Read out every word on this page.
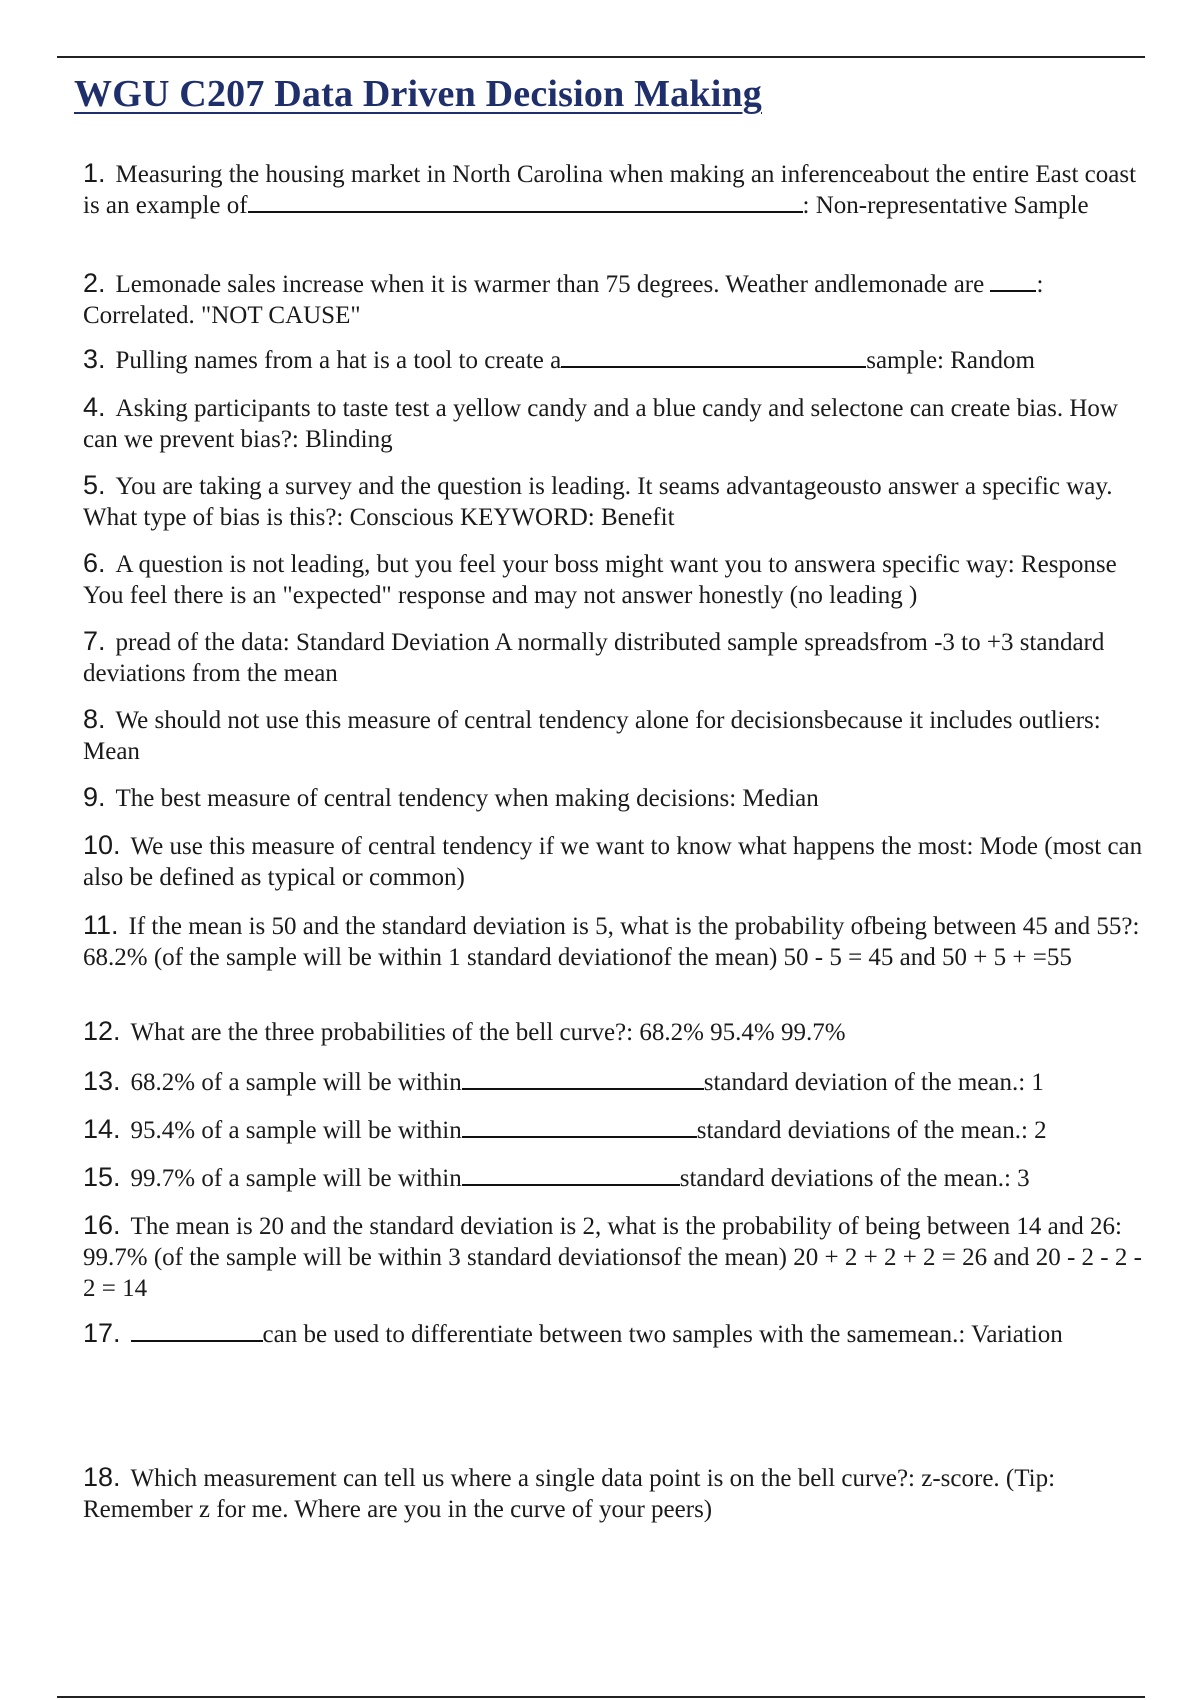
WGU C207 Data Driven Decision Making

1. Measuring the housing market in North Carolina when making an inferenceabout the entire East coast is an example of	: Non-representative Sample

2. Lemonade sales increase when it is warmer than 75 degrees. Weather andlemonade are : Correlated. "NOT CAUSE"

3. Pulling names from a hat is a tool to create a	sample: Random

4. Asking participants to taste test a yellow candy and a blue candy and selectone can create bias. How can we prevent bias?: Blinding

5. You are taking a survey and the question is leading. It seams advantageousto answer a specific way. What type of bias is this?: Conscious KEYWORD: Benefit

6. A question is not leading, but you feel your boss might want you to answera specific way: Response You feel there is an "expected" response and may not answer honestly (no leading )

7. pread of the data: Standard Deviation A normally distributed sample spreadsfrom -3 to +3 standard deviations from the mean

8. We should not use this measure of central tendency alone for decisionsbecause it includes outliers: Mean

9. The best measure of central tendency when making decisions: Median

10. We use this measure of central tendency if we want to know what happens the most: Mode (most can also be defined as typical or common)

11. If the mean is 50 and the standard deviation is 5, what is the probability ofbeing between 45 and 55?: 68.2% (of the sample will be within 1 standard deviationof the mean) 50 - 5 = 45 and 50 + 5 + =55

12. What are the three probabilities of the bell curve?: 68.2% 95.4% 99.7%

13. 68.2% of a sample will be within	standard deviation of the mean.: 1

14. 95.4% of a sample will be within	standard deviations of the mean.: 2

15. 99.7% of a sample will be within	standard deviations of the mean.: 3

16. The mean is 20 and the standard deviation is 2, what is the probability of being between 14 and 26: 99.7% (of the sample will be within 3 standard deviationsof the mean) 20 + 2 + 2 + 2 = 26 and 20 - 2 - 2 - 2 = 14

17.	can be used to differentiate between two samples with the samemean.: Variation

18. Which measurement can tell us where a single data point is on the bell curve?: z-score. (Tip: Remember z for me. Where are you in the curve of your peers)
